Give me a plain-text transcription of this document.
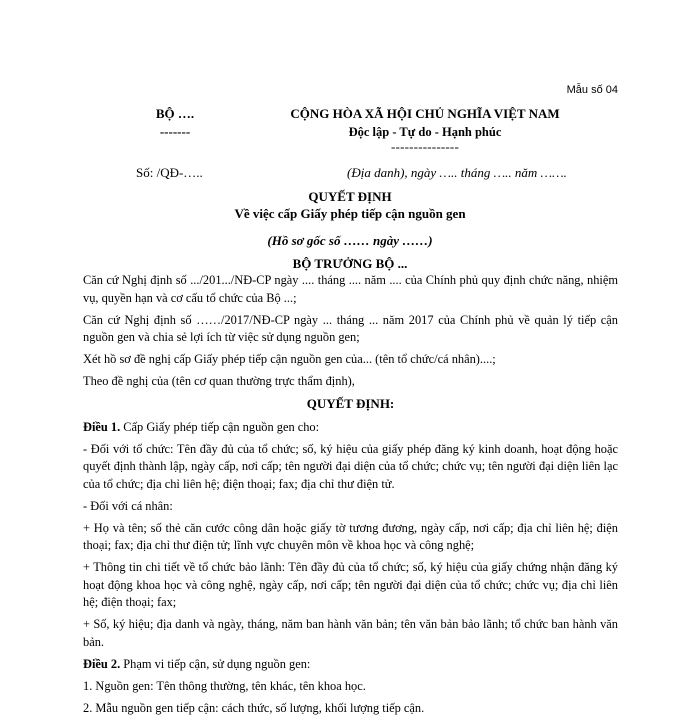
Mẫu số 04
BỘ ….
-------
CỘNG HÒA XÃ HỘI CHỦ NGHĨA VIỆT NAM
Độc lập - Tự do - Hạnh phúc
---------------
Số: /QĐ-…..	(Địa danh), ngày ….. tháng ….. năm …….
QUYẾT ĐỊNH
Về việc cấp Giấy phép tiếp cận nguồn gen
(Hồ sơ gốc số …… ngày ……)
BỘ TRƯỞNG BỘ ...

Căn cứ Nghị định số .../201.../NĐ-CP ngày .... tháng .... năm .... của Chính phủ quy định chức năng, nhiệm vụ, quyền hạn và cơ cấu tổ chức của Bộ ...;

Căn cứ Nghị định số ……/2017/NĐ-CP ngày ... tháng ... năm 2017 của Chính phủ về quản lý tiếp cận nguồn gen và chia sẻ lợi ích từ việc sử dụng nguồn gen;

Xét hồ sơ đề nghị cấp Giấy phép tiếp cận nguồn gen của... (tên tổ chức/cá nhân)....;

Theo đề nghị của (tên cơ quan thường trực thẩm định),

QUYẾT ĐỊNH:

Điều 1. Cấp Giấy phép tiếp cận nguồn gen cho:

- Đối với tổ chức: Tên đầy đủ của tổ chức; số, ký hiệu của giấy phép đăng ký kinh doanh, hoạt động hoặc quyết định thành lập, ngày cấp, nơi cấp; tên người đại diện của tổ chức; chức vụ; tên người đại diện liên lạc của tổ chức; địa chỉ liên hệ; điện thoại; fax; địa chỉ thư điện tử.

- Đối với cá nhân:

+ Họ và tên; số thẻ căn cước công dân hoặc giấy tờ tương đương, ngày cấp, nơi cấp; địa chỉ liên hệ; điện thoại; fax; địa chỉ thư điện tử; lĩnh vực chuyên môn về khoa học và công nghệ;

+ Thông tin chi tiết về tổ chức bảo lãnh: Tên đầy đủ của tổ chức; số, ký hiệu của giấy chứng nhận đăng ký hoạt động khoa học và công nghệ, ngày cấp, nơi cấp; tên người đại diện của tổ chức; chức vụ; địa chỉ liên hệ; điện thoại; fax;

+ Số, ký hiệu; địa danh và ngày, tháng, năm ban hành văn bản; tên văn bản bảo lãnh; tổ chức ban hành văn bản.

Điều 2. Phạm vi tiếp cận, sử dụng nguồn gen:

1. Nguồn gen: Tên thông thường, tên khác, tên khoa học.

2. Mẫu nguồn gen tiếp cận: cách thức, số lượng, khối lượng tiếp cận.
